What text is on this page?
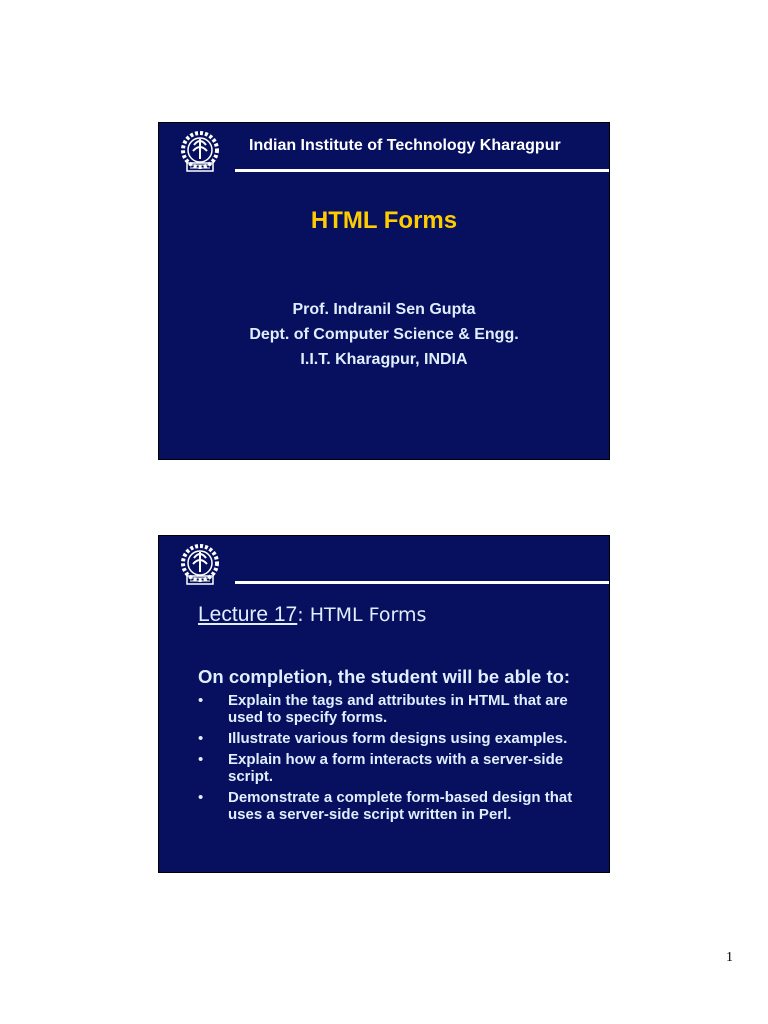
Indian Institute of Technology Kharagpur
HTML Forms
Prof. Indranil Sen Gupta
Dept. of Computer Science & Engg.
I.I.T. Kharagpur, INDIA
Lecture 17: HTML Forms
On completion, the student will be able to:
• Explain the tags and attributes in HTML that are used to specify forms.
• Illustrate various form designs using examples.
• Explain how a form interacts with a server-side script.
• Demonstrate a complete form-based design that uses a server-side script written in Perl.
1
